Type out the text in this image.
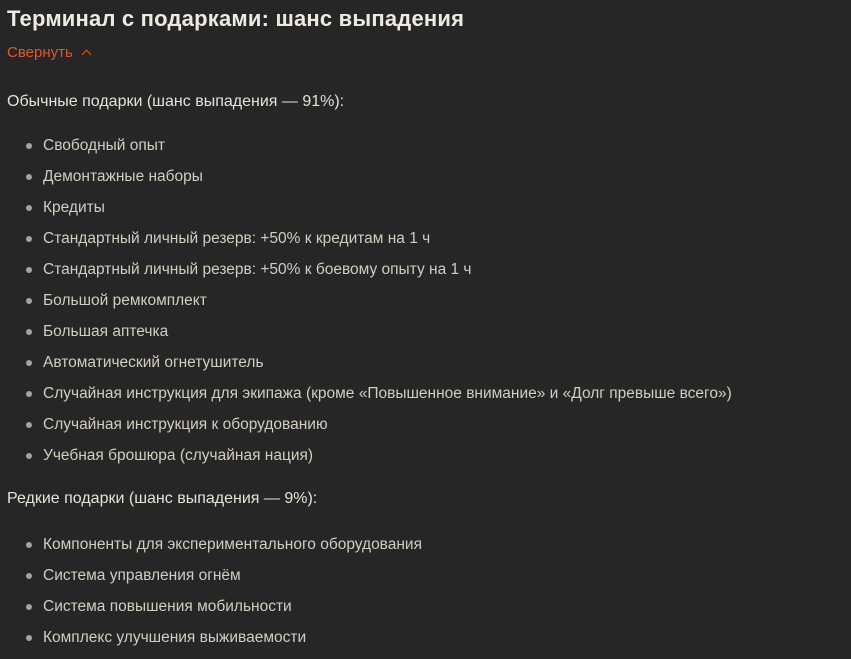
Терминал с подарками: шанс выпадения
Свернуть

Обычные подарки (шанс выпадения — 91%):

Свободный опыт
Демонтажные наборы
Кредиты
Стандартный личный резерв: +50% к кредитам на 1 ч
Стандартный личный резерв: +50% к боевому опыту на 1 ч
Большой ремкомплект
Большая аптечка
Автоматический огнетушитель
Случайная инструкция для экипажа (кроме «Повышенное внимание» и «Долг превыше всего»)
Случайная инструкция к оборудованию
Учебная брошюра (случайная нация)

Редкие подарки (шанс выпадения — 9%):

Компоненты для экспериментального оборудования
Система управления огнём
Система повышения мобильности
Комплекс улучшения выживаемости
